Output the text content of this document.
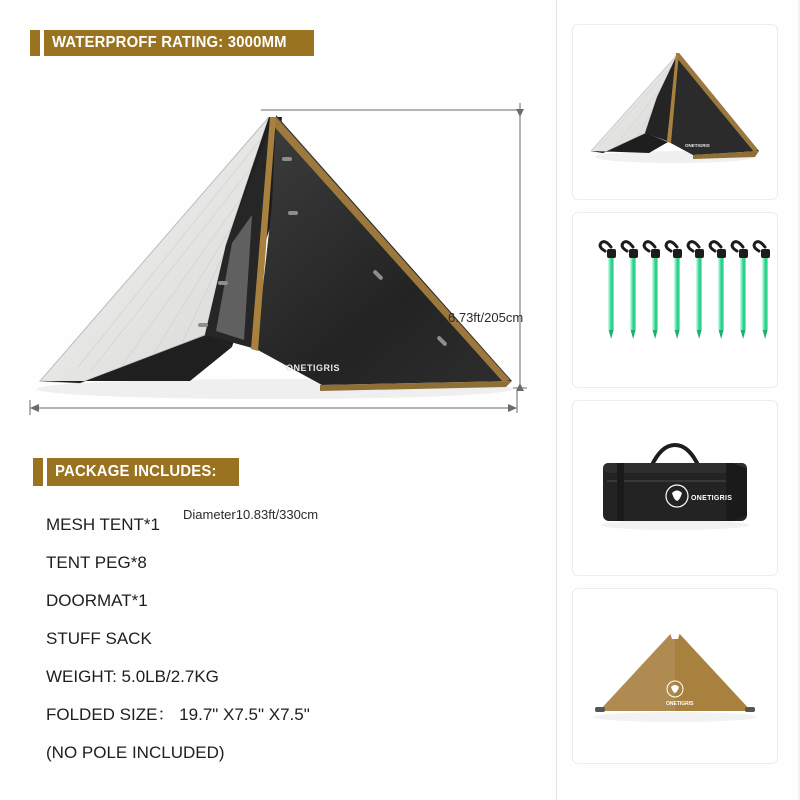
WATERPROFF RATING: 3000MM
ONETIGRIS
6.73ft/205cm
Diameter10.83ft/330cm
PACKAGE INCLUDES:
MESH TENT*1
TENT PEG*8
DOORMAT*1
STUFF SACK
WEIGHT: 5.0LB/2.7KG
FOLDED SIZE： 19.7" X7.5" X7.5"
(NO POLE INCLUDED)
ONETIGRIS
ONETIGRIS
ONETIGRIS
